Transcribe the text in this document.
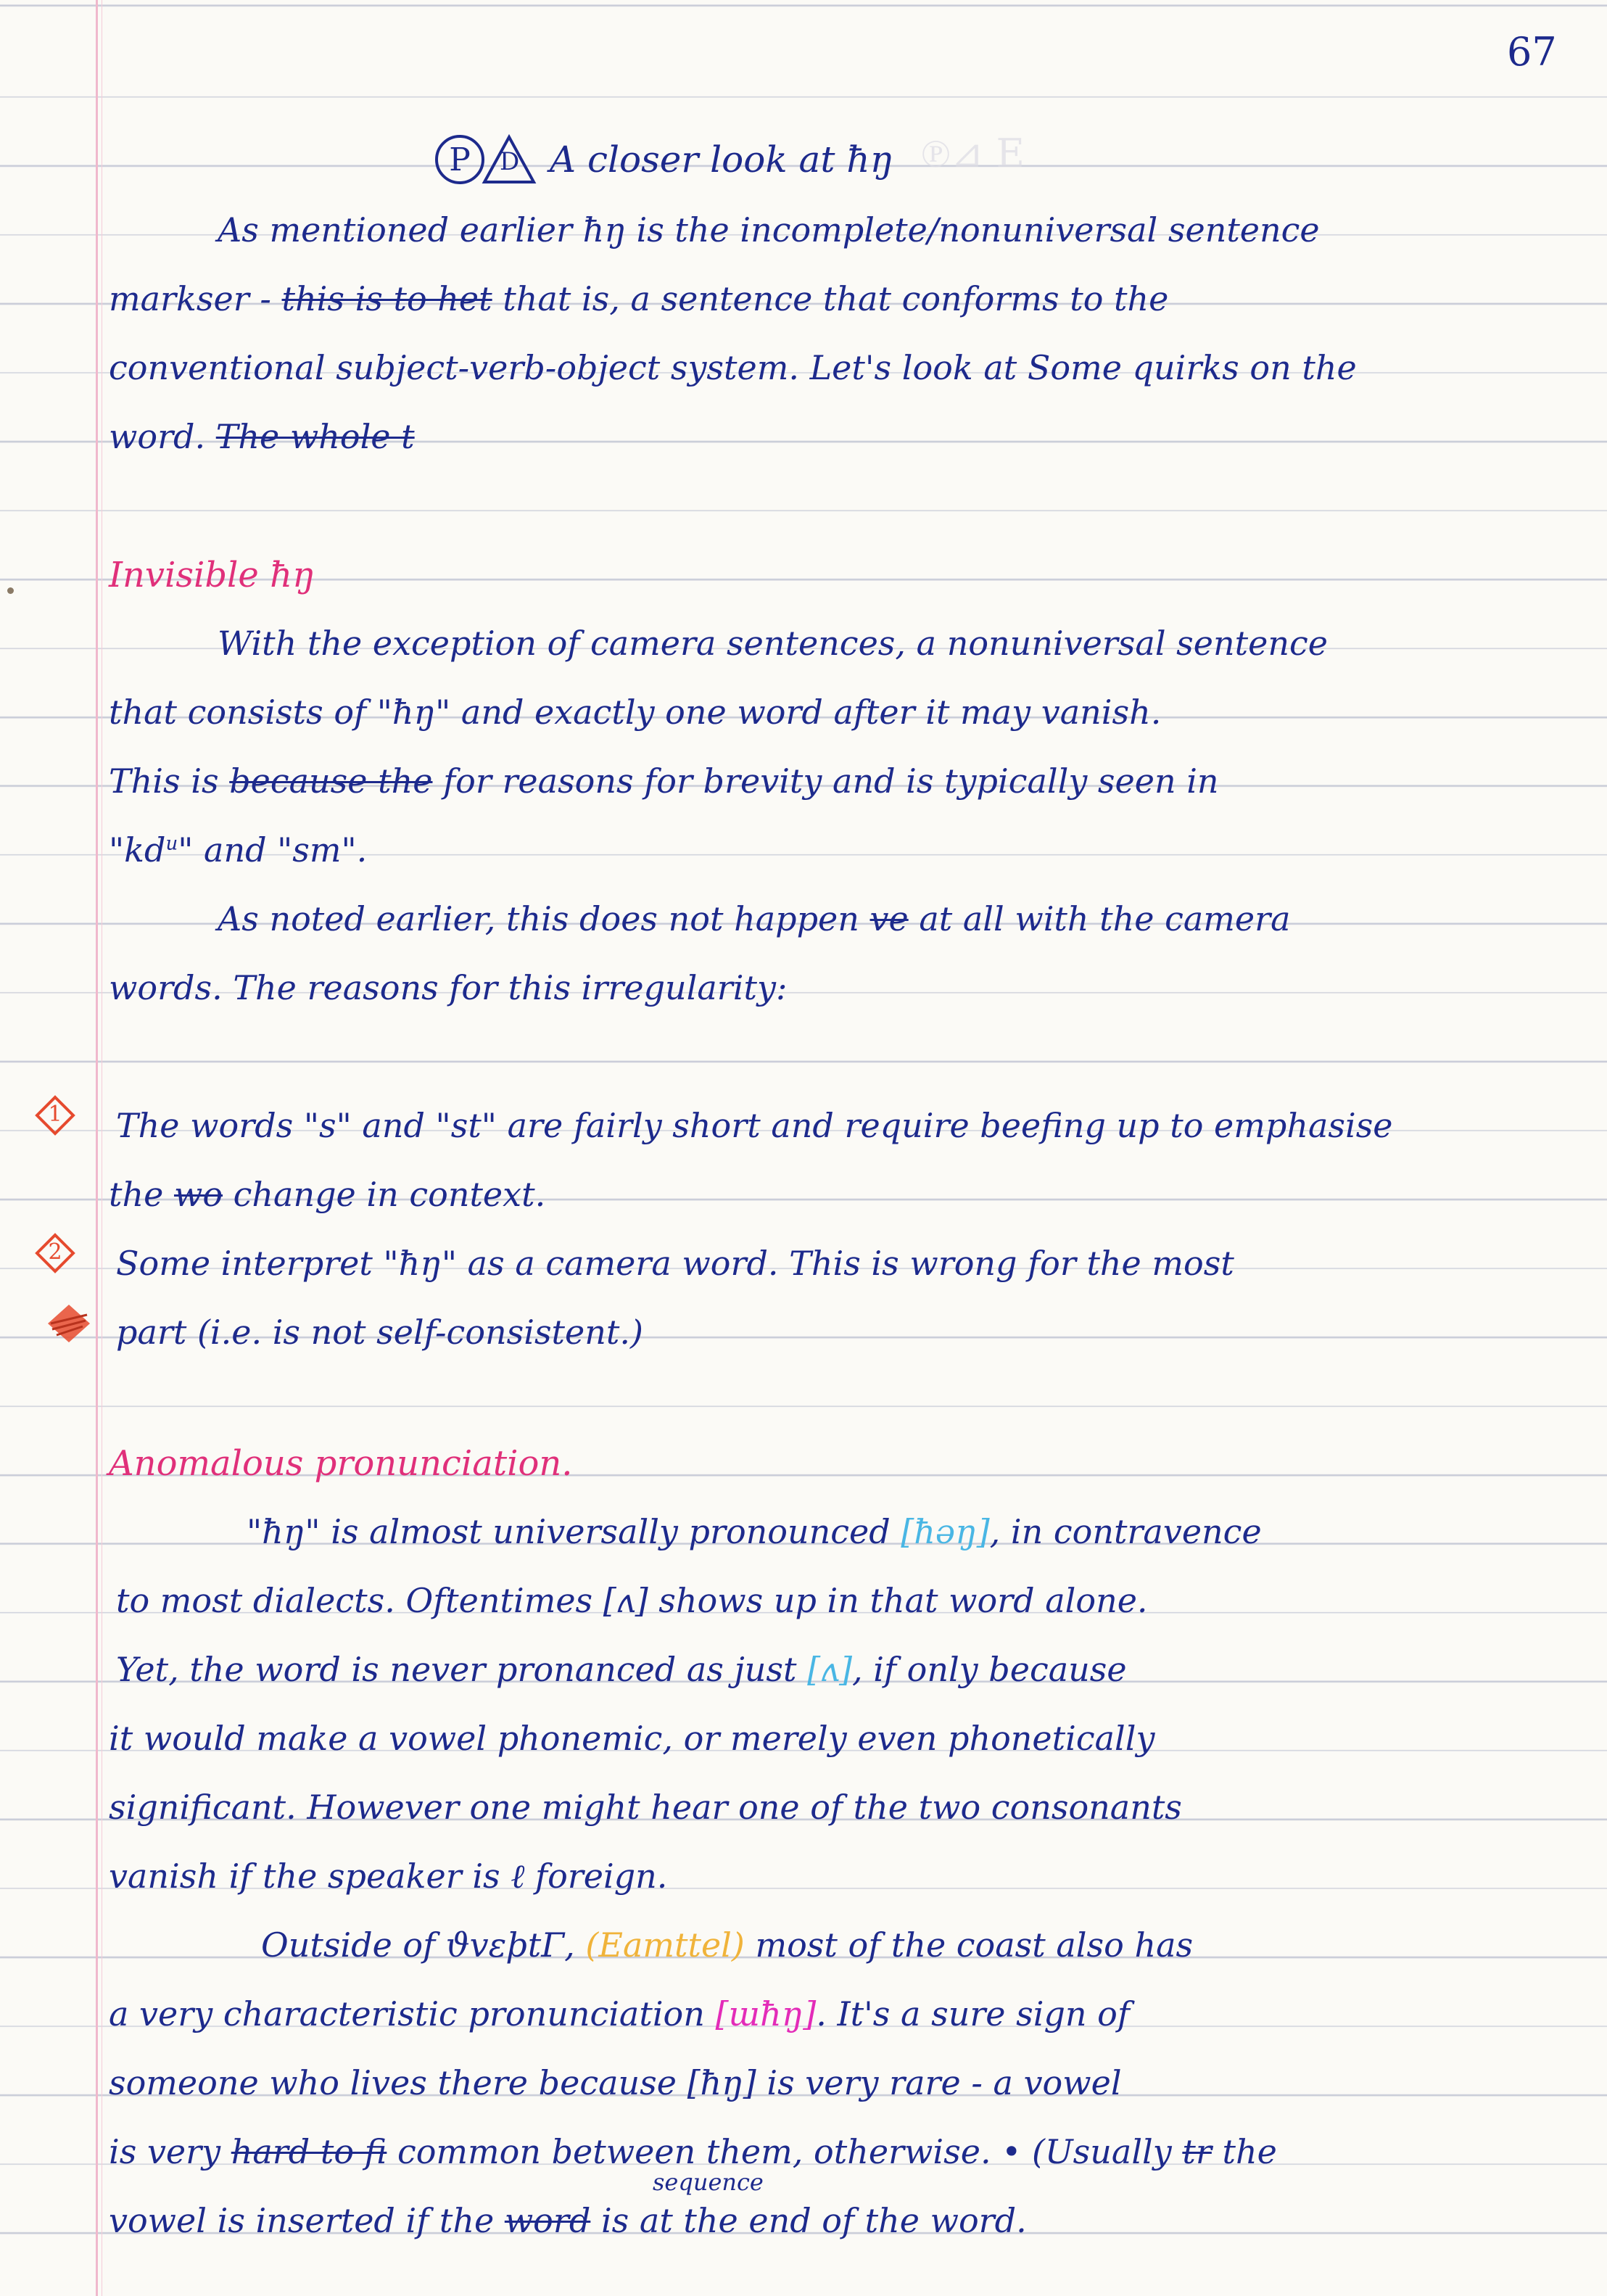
67
P	D A closer look at ħŋ ℗⊿ E
As mentioned earlier ħŋ is the incomplete/nonuniversal sentence
markser - this is to het that is, a sentence that conforms to the
conventional subject-verb-object system. Let's look at Some quirks on the
word. The whole t
Invisible ħŋ
With the exception of camera sentences, a nonuniversal sentence
that consists of "ħŋ" and exactly one word after it may vanish.
This is because the for reasons for brevity and is typically seen in
"$kd^u$" and "sm".
As noted earlier, this does not happen ve at all with the camera
words. The reasons for this irregularity:
1	The words "s" and "st" are fairly short and require beefing up to emphasise
the wo change in context.
2	Some interpret "ħŋ" as a camera word. This is wrong for the most
part (i.e. is not self-consistent.)
Anomalous pronunciation.
"ħŋ" is almost universally pronounced [ħəŋ], in contravence
to most dialects. Oftentimes [ʌ] shows up in that word alone.
Yet, the word is never pronanced as just [ʌ], if only because
it would make a vowel phonemic, or merely even phonetically
significant. However one might hear one of the two consonants
vanish if the speaker is ℓ foreign.
Outside of ϑvεþtΓ, (Eamttel) most of the coast also has
a very characteristic pronunciation [ɯħŋ]. It's a sure sign of
someone who lives there because [ħŋ] is very rare - a vowel
is very hard to fi common between them, otherwise. • (Usually tr the
sequence
vowel is inserted if the word is at the end of the word.
